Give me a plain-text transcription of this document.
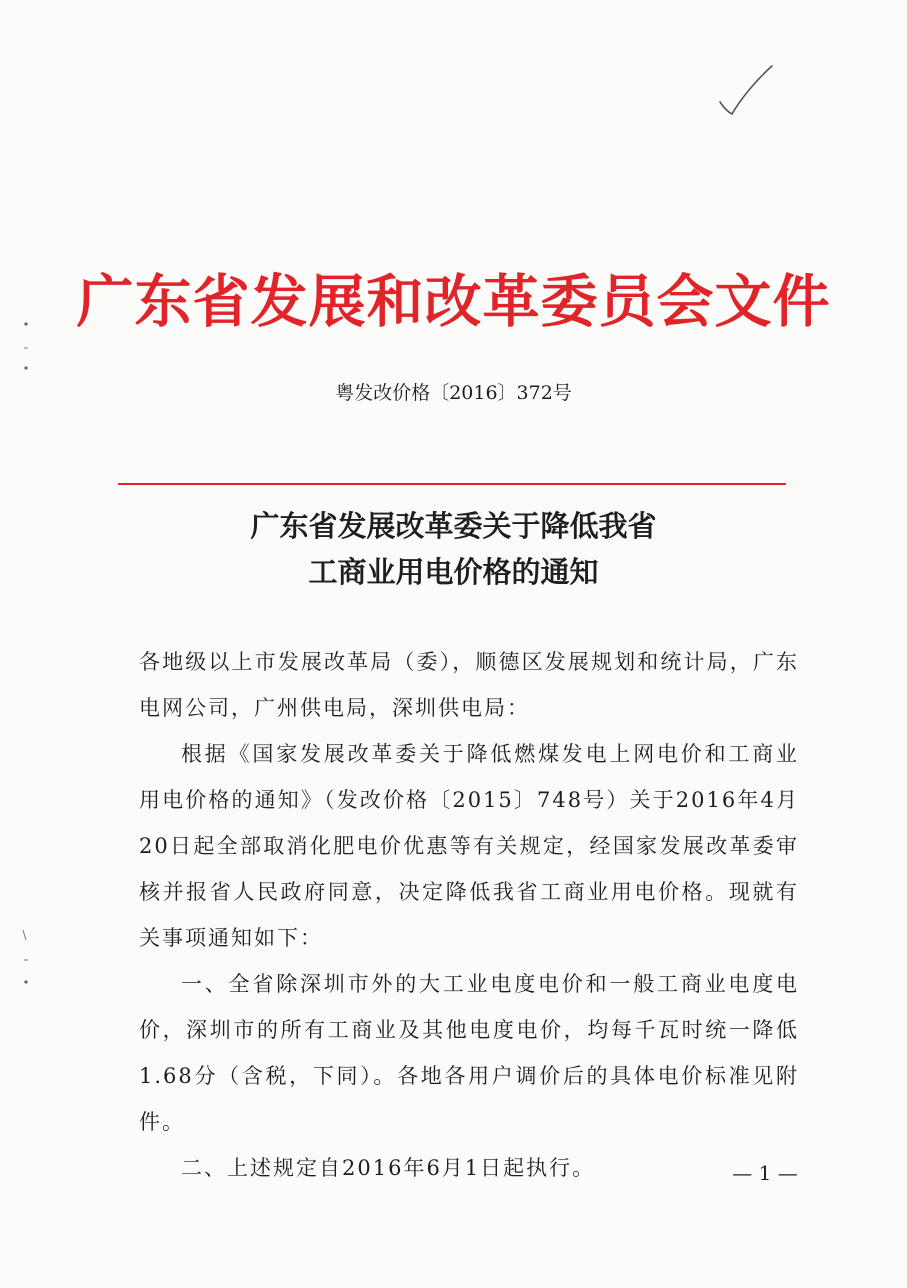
广东省发展和改革委员会文件
粤发改价格〔2016〕372号
广东省发展改革委关于降低我省
工商业用电价格的通知

各地级以上市发展改革局（委），顺德区发展规划和统计局，广东电网公司，广州供电局，深圳供电局：

根据《国家发展改革委关于降低燃煤发电上网电价和工商业用电价格的通知》（发改价格〔2015〕748号）关于2016年4月20日起全部取消化肥电价优惠等有关规定，经国家发展改革委审核并报省人民政府同意，决定降低我省工商业用电价格。现就有关事项通知如下：

一、全省除深圳市外的大工业电度电价和一般工商业电度电价，深圳市的所有工商业及其他电度电价，均每千瓦时统一降低1.68分（含税，下同）。各地各用户调价后的具体电价标准见附件。

二、上述规定自2016年6月1日起执行。	— 1 —
